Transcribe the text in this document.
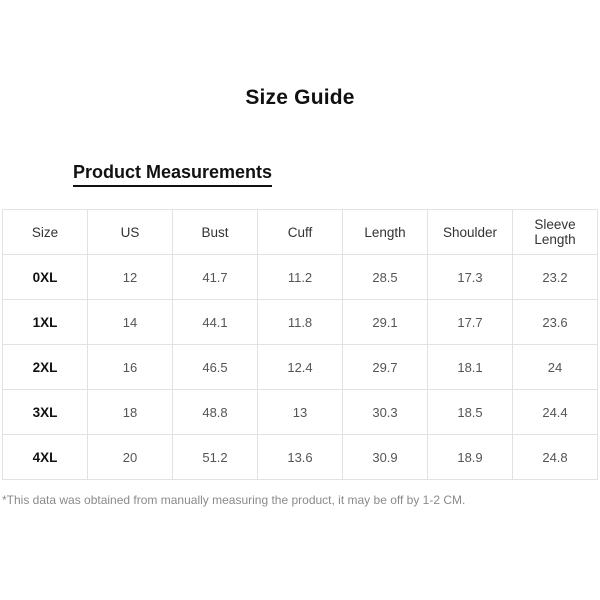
Size Guide
Product Measurements
Size	US	Bust	Cuff	Length	Shoulder	Sleeve Length
0XL	12	41.7	11.2	28.5	17.3	23.2
1XL	14	44.1	11.8	29.1	17.7	23.6
2XL	16	46.5	12.4	29.7	18.1	24
3XL	18	48.8	13	30.3	18.5	24.4
4XL	20	51.2	13.6	30.9	18.9	24.8
*This data was obtained from manually measuring the product, it may be off by 1-2 CM.
